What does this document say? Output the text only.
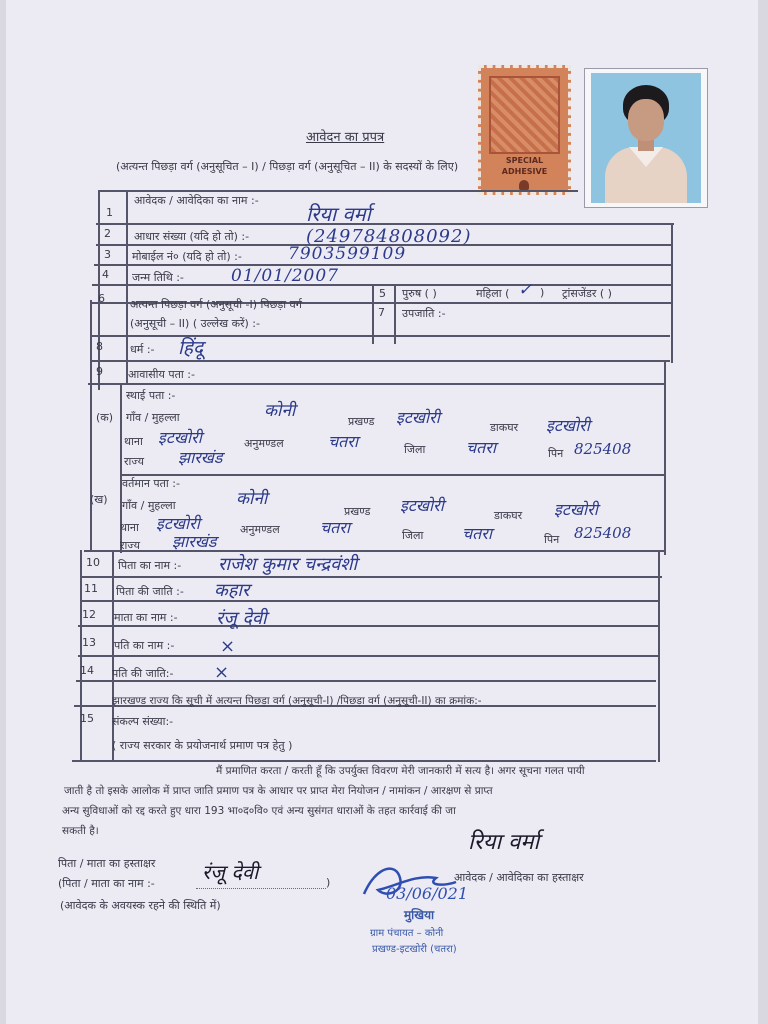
आवेदन का प्रपत्र
(अत्यन्त पिछड़ा वर्ग (अनुसूचित – I) / पिछड़ा वर्ग (अनुसूचित – II) के सदस्यों के लिए)	SPECIAL
ADHESIVE
1
आवेदक / आवेदिका का नाम :-
रिया वर्मा
2 आधार संख्या (यदि हो तो) :-	(249784808092)
3 मोबाईल नं० (यदि हो तो) :-	7903599109
4 जन्म तिथि :-	01/01/2007
5 पुरुष ( )	महिला ( ✓ ) ट्रांसजेंडर ( )
6 अत्यन्त पिछड़ा वर्ग (अनुसूची -I) पिछड़ा वर्ग
(अनुसूची – II) ( उल्लेख करें) :-
7 उपजाति :-
8 धर्म :- हिंदू
9 आवासीय पता :-
(क)
स्थाई पता :-
गाँव / मुहल्ला	कोनी
प्रखण्ड इटखोरी
डाकघर इटखोरी
थाना इटखोरी	अनुमण्डल	चतरा	जिला	चतरा	पिन 825408
राज्य झारखंड
(ख)
वर्तमान पता :-
गाँव / मुहल्ला	कोनी
प्रखण्ड इटखोरी
डाकघर इटखोरी
थाना इटखोरी	अनुमण्डल	चतरा	जिला चतरा	पिन 825408
राज्य झारखंड
10 पिता का नाम :- राजेश कुमार चन्द्रवंशी
11 पिता की जाति :- कहार
12 माता का नाम :- रंजू देवी
13 पति का नाम :-	×
14 पति की जाति:- ×
15
झारखण्ड राज्य कि सूची में अत्यन्त पिछड़ा वर्ग (अनुसूची-I) /पिछड़ा वर्ग (अनुसूची-II) का क्रमांक:-
संकल्प संख्या:-
( राज्य सरकार के प्रयोजनार्थ प्रमाण पत्र हेतु )
मैं प्रमाणित करता / करती हूँ कि उपर्युक्त विवरण मेरी जानकारी में सत्य है। अगर सूचना गलत पायी
जाती है तो इसके आलोक में प्राप्त जाति प्रमाण पत्र के आधार पर प्राप्त मेरा नियोजन / नामांकन / आरक्षण से प्राप्त
अन्य सुविधाओं को रद्द करते हुए धारा 193 भा०द०वि० एवं अन्य सुसंगत धाराओं के तहत कार्रवाई की जा
सकती है।	रिया वर्मा
आवेदक / आवेदिका का हस्ताक्षर
पिता / माता का हस्ताक्षर रंजू देवी
(पिता / माता का नाम :-	)
(आवेदक के अवयस्क रहने की स्थिति में)
03/06/021
मुखिया
ग्राम पंचायत – कोनी
प्रखण्ड-इटखोरी (चतरा)
